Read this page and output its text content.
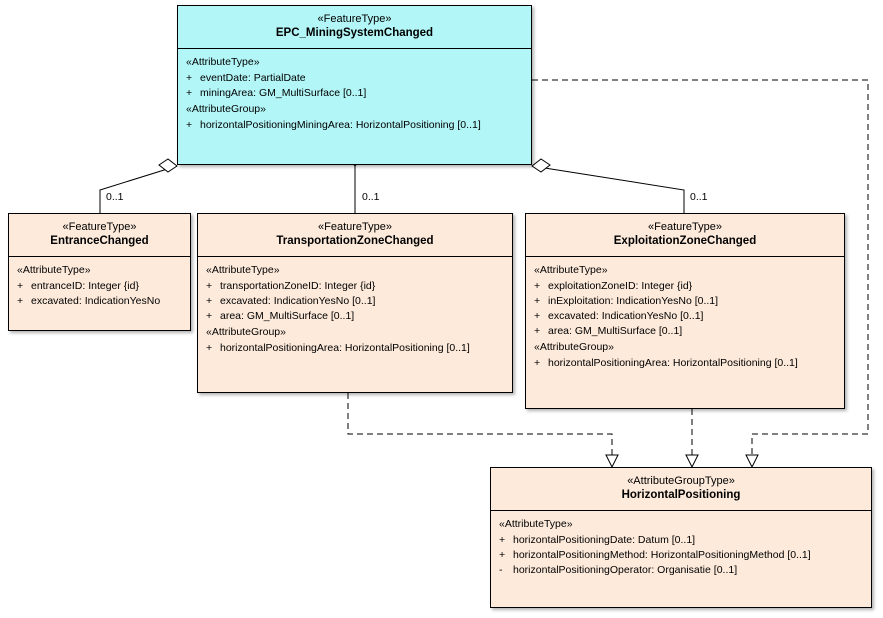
«FeatureType»
EPC_MiningSystemChanged
«AttributeType»
+ eventDate: PartialDate
+ miningArea: GM_MultiSurface [0..1]
«AttributeGroup»
+ horizontalPositioningMiningArea: HorizontalPositioning [0..1]
«FeatureType»
EntranceChanged
«AttributeType»
+ entranceID: Integer {id}
+ excavated: IndicationYesNo
«FeatureType»
TransportationZoneChanged
«AttributeType»
+ transportationZoneID: Integer {id}
+ excavated: IndicationYesNo [0..1]
+ area: GM_MultiSurface [0..1]
«AttributeGroup»
+ horizontalPositioningArea: HorizontalPositioning [0..1]
«FeatureType»
ExploitationZoneChanged
«AttributeType»
+ exploitationZoneID: Integer {id}
+ inExploitation: IndicationYesNo [0..1]
+ excavated: IndicationYesNo [0..1]
+ area: GM_MultiSurface [0..1]
«AttributeGroup»
+ horizontalPositioningArea: HorizontalPositioning [0..1]
«AttributeGroupType»
HorizontalPositioning
«AttributeType»
+ horizontalPositioningDate: Datum [0..1]
+ horizontalPositioningMethod: HorizontalPositioningMethod [0..1]
-	horizontalPositioningOperator: Organisatie [0..1]
0..1	0..1	0..1
